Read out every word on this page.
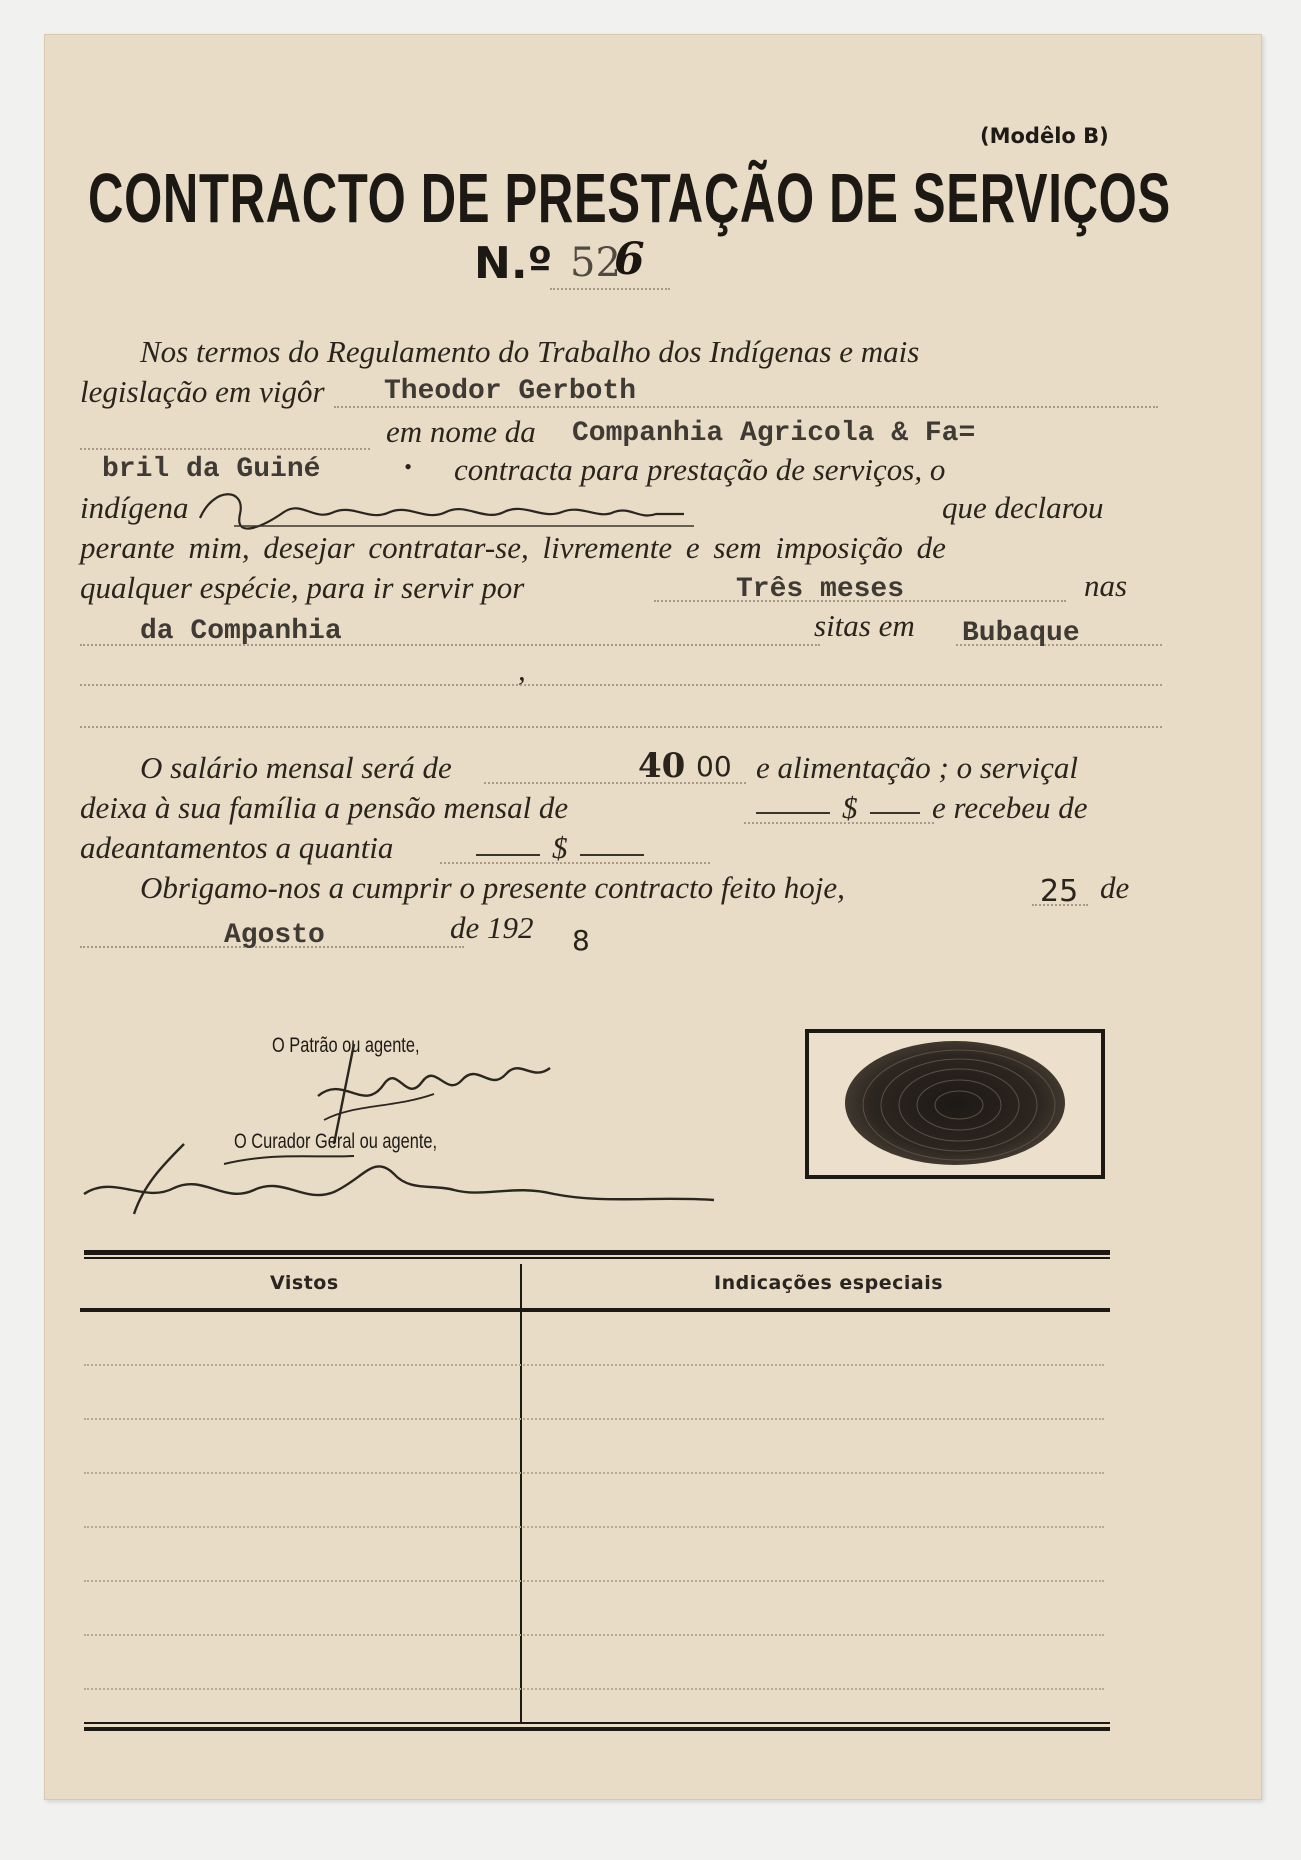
(Modêlo B)
CONTRACTO DE PRESTAÇÃO DE SERVIÇOS
N.º 52
6
Nos termos do Regulamento do Trabalho dos Indígenas e mais
legislação em vigôr Theodor Gerboth
em nome da Companhia Agricola & Fa=
bril da Guiné	• contracta para prestação de serviços, o
indígena	que declarou
perante mim, desejar contratar-se, livremente e sem imposição de
qualquer espécie, para ir servir por	Três meses	nas
da Companhia	sitas em Bubaque
,
O salário mensal será de	40 00 e alimentação ; o serviçal
deixa à sua família a pensão mensal de	$ e recebeu de
adeantamentos a quantia	$
Obrigamo-nos a cumprir o presente contracto feito hoje,	25 de
Agosto	de 192 8
O Patrão ou agente,
O Curador Geral ou agente,
Vistos	Indicações especiais
